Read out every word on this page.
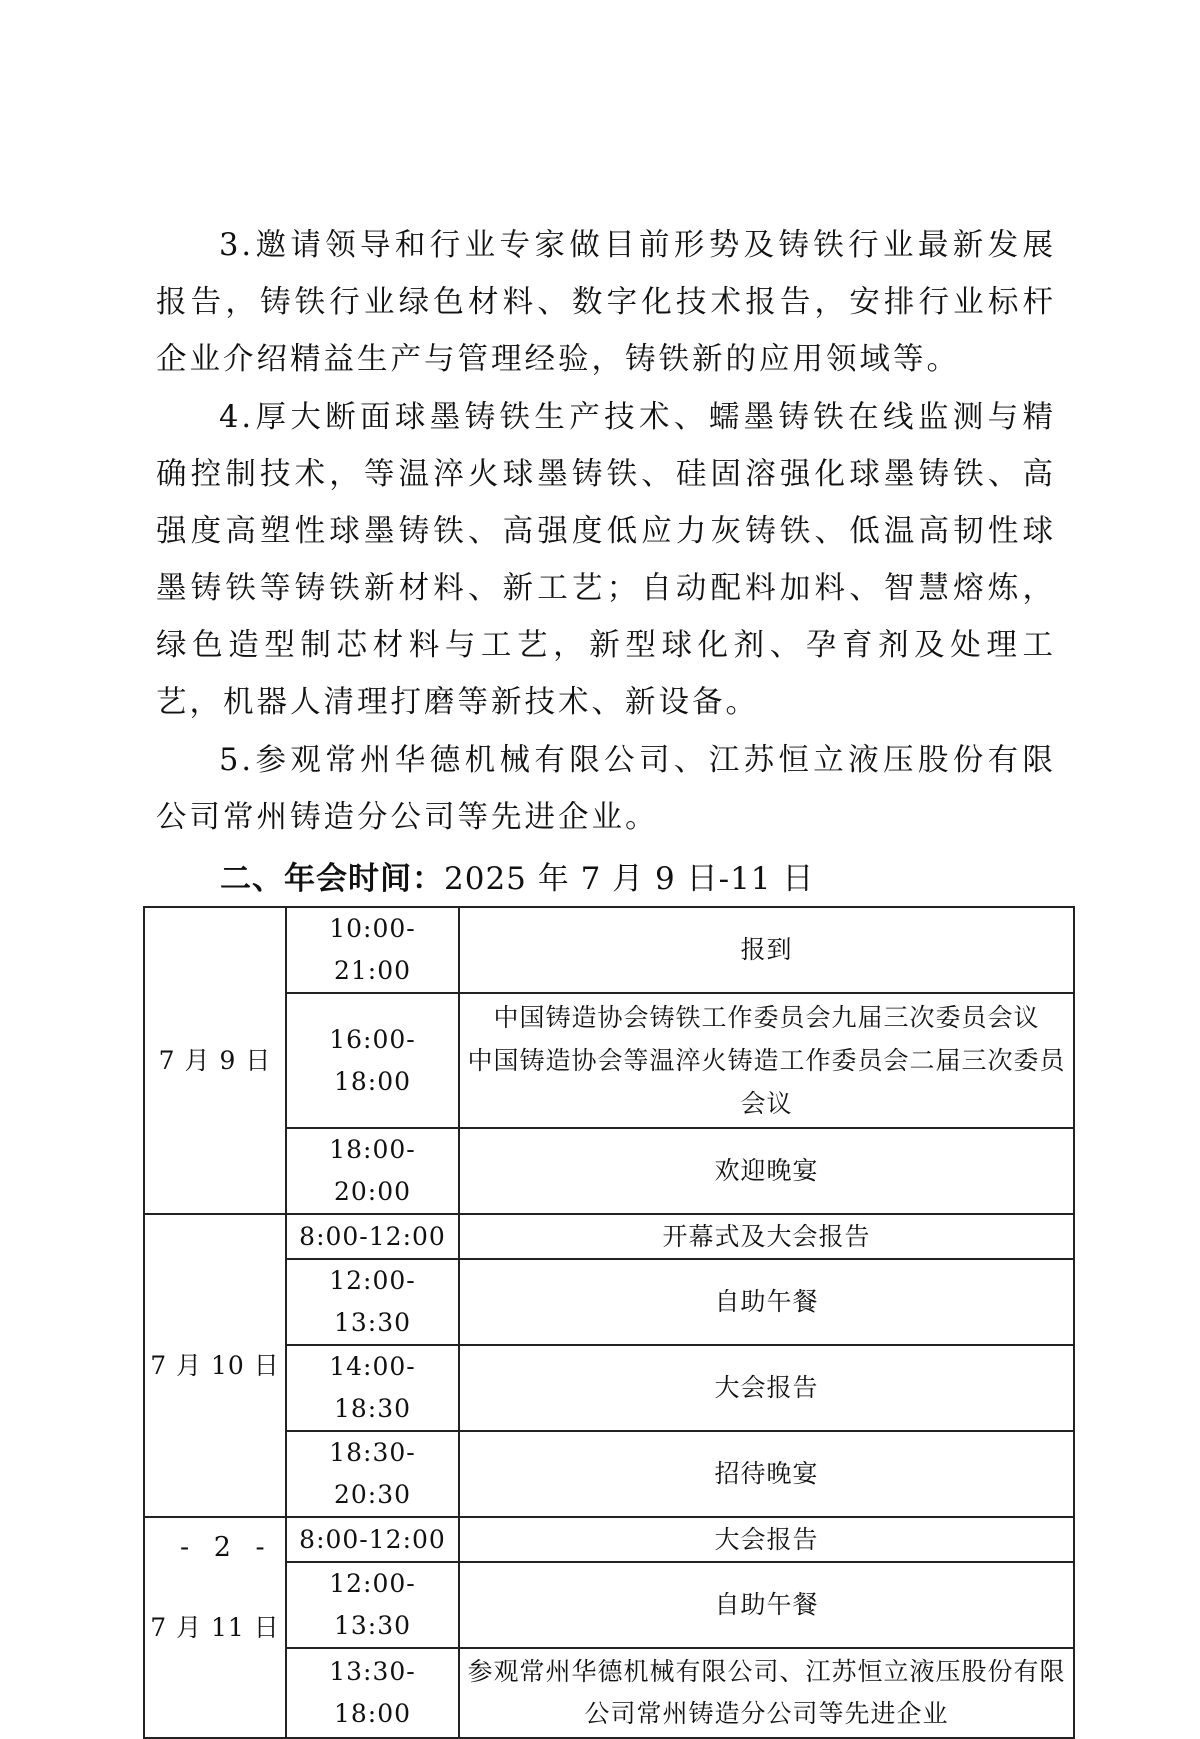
3.邀请领导和行业专家做目前形势及铸铁行业最新发展报告，铸铁行业绿色材料、数字化技术报告，安排行业标杆企业介绍精益生产与管理经验，铸铁新的应用领域等。

4.厚大断面球墨铸铁生产技术、蠕墨铸铁在线监测与精确控制技术，等温淬火球墨铸铁、硅固溶强化球墨铸铁、高强度高塑性球墨铸铁、高强度低应力灰铸铁、低温高韧性球墨铸铁等铸铁新材料、新工艺；自动配料加料、智慧熔炼，绿色造型制芯材料与工艺，新型球化剂、孕育剂及处理工艺，机器人清理打磨等新技术、新设备。

5.参观常州华德机械有限公司、江苏恒立液压股份有限公司常州铸造分公司等先进企业。

二、年会时间：2025 年 7 月 9 日-11 日

7 月 9 日	10:00-21:00	报到
	16:00-18:00	中国铸造协会铸铁工作委员会九届三次委员会议
中国铸造协会等温淬火铸造工作委员会二届三次委员会议
	18:00-20:00	欢迎晚宴
7 月 10 日	8:00-12:00	开幕式及大会报告
	12:00-13:30	自助午餐
	14:00-18:30	大会报告
	18:30-20:30	招待晚宴
7 月 11 日	8:00-12:00	大会报告
	12:00-13:30	自助午餐
	13:30-18:00	参观常州华德机械有限公司、江苏恒立液压股份有限公司常州铸造分公司等先进企业

- 2 -
